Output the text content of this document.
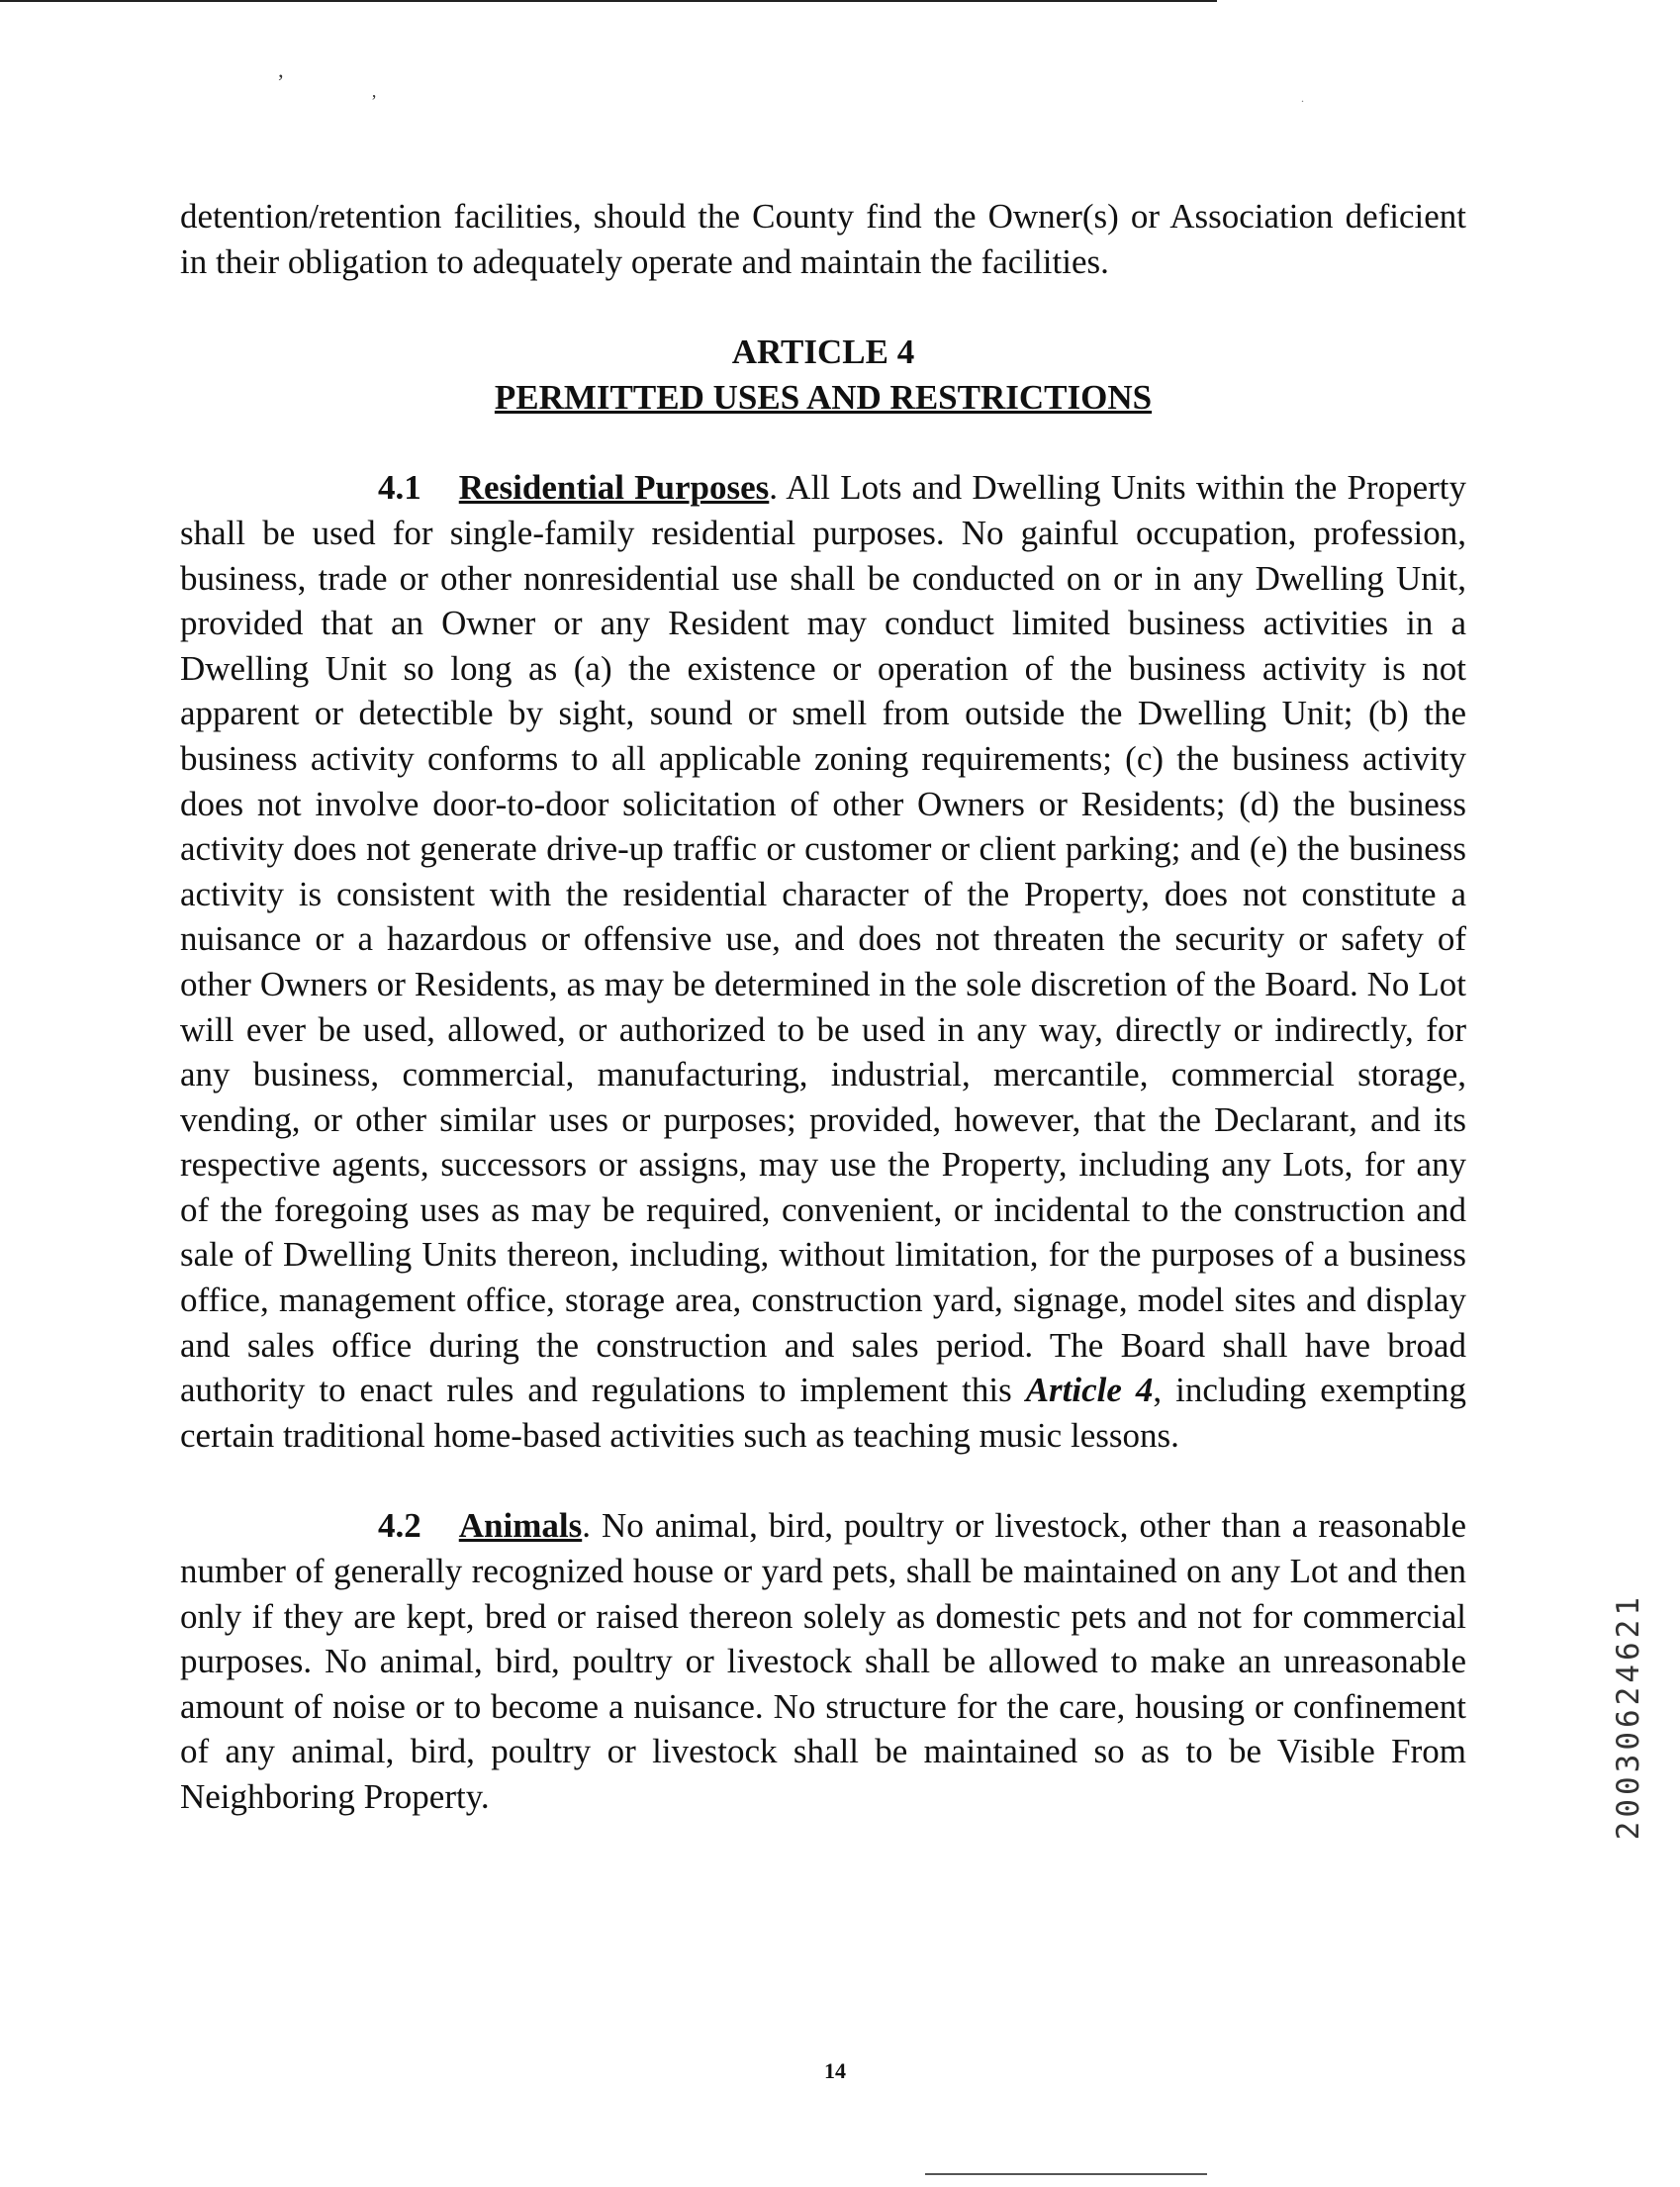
’	‚	.

detention/retention facilities, should the County find the Owner(s) or Association deficient in their obligation to adequately operate and maintain the facilities.

ARTICLE 4
PERMITTED USES AND RESTRICTIONS

4.1 Residential Purposes. All Lots and Dwelling Units within the Property shall be used for single-family residential purposes. No gainful occupation, profession, business, trade or other nonresidential use shall be conducted on or in any Dwelling Unit, provided that an Owner or any Resident may conduct limited business activities in a Dwelling Unit so long as (a) the existence or operation of the business activity is not apparent or detectible by sight, sound or smell from outside the Dwelling Unit; (b) the business activity conforms to all applicable zoning requirements; (c) the business activity does not involve door-to-door solicitation of other Owners or Residents; (d) the business activity does not generate drive-up traffic or customer or client parking; and (e) the business activity is consistent with the residential character of the Property, does not constitute a nuisance or a hazardous or offensive use, and does not threaten the security or safety of other Owners or Residents, as may be determined in the sole discretion of the Board. No Lot will ever be used, allowed, or authorized to be used in any way, directly or indirectly, for any business, commercial, manufacturing, industrial, mercantile, commercial storage, vending, or other similar uses or purposes; provided, however, that the Declarant, and its respective agents, successors or assigns, may use the Property, including any Lots, for any of the foregoing uses as may be required, convenient, or incidental to the construction and sale of Dwelling Units thereon, including, without limitation, for the purposes of a business office, management office, storage area, construction yard, signage, model sites and display and sales office during the construction and sales period. The Board shall have broad authority to enact rules and regulations to implement this Article 4, including exempting certain traditional home-based activities such as teaching music lessons.

4.2 Animals. No animal, bird, poultry or livestock, other than a reasonable number of generally recognized house or yard pets, shall be maintained on any Lot and then only if they are kept, bred or raised thereon solely as domestic pets and not for commercial purposes. No animal, bird, poultry or livestock shall be allowed to make an unreasonable amount of noise or to become a nuisance. No structure for the care, housing or confinement of any animal, bird, poultry or livestock shall be maintained so as to be Visible From Neighboring Property.	20030624621
14
